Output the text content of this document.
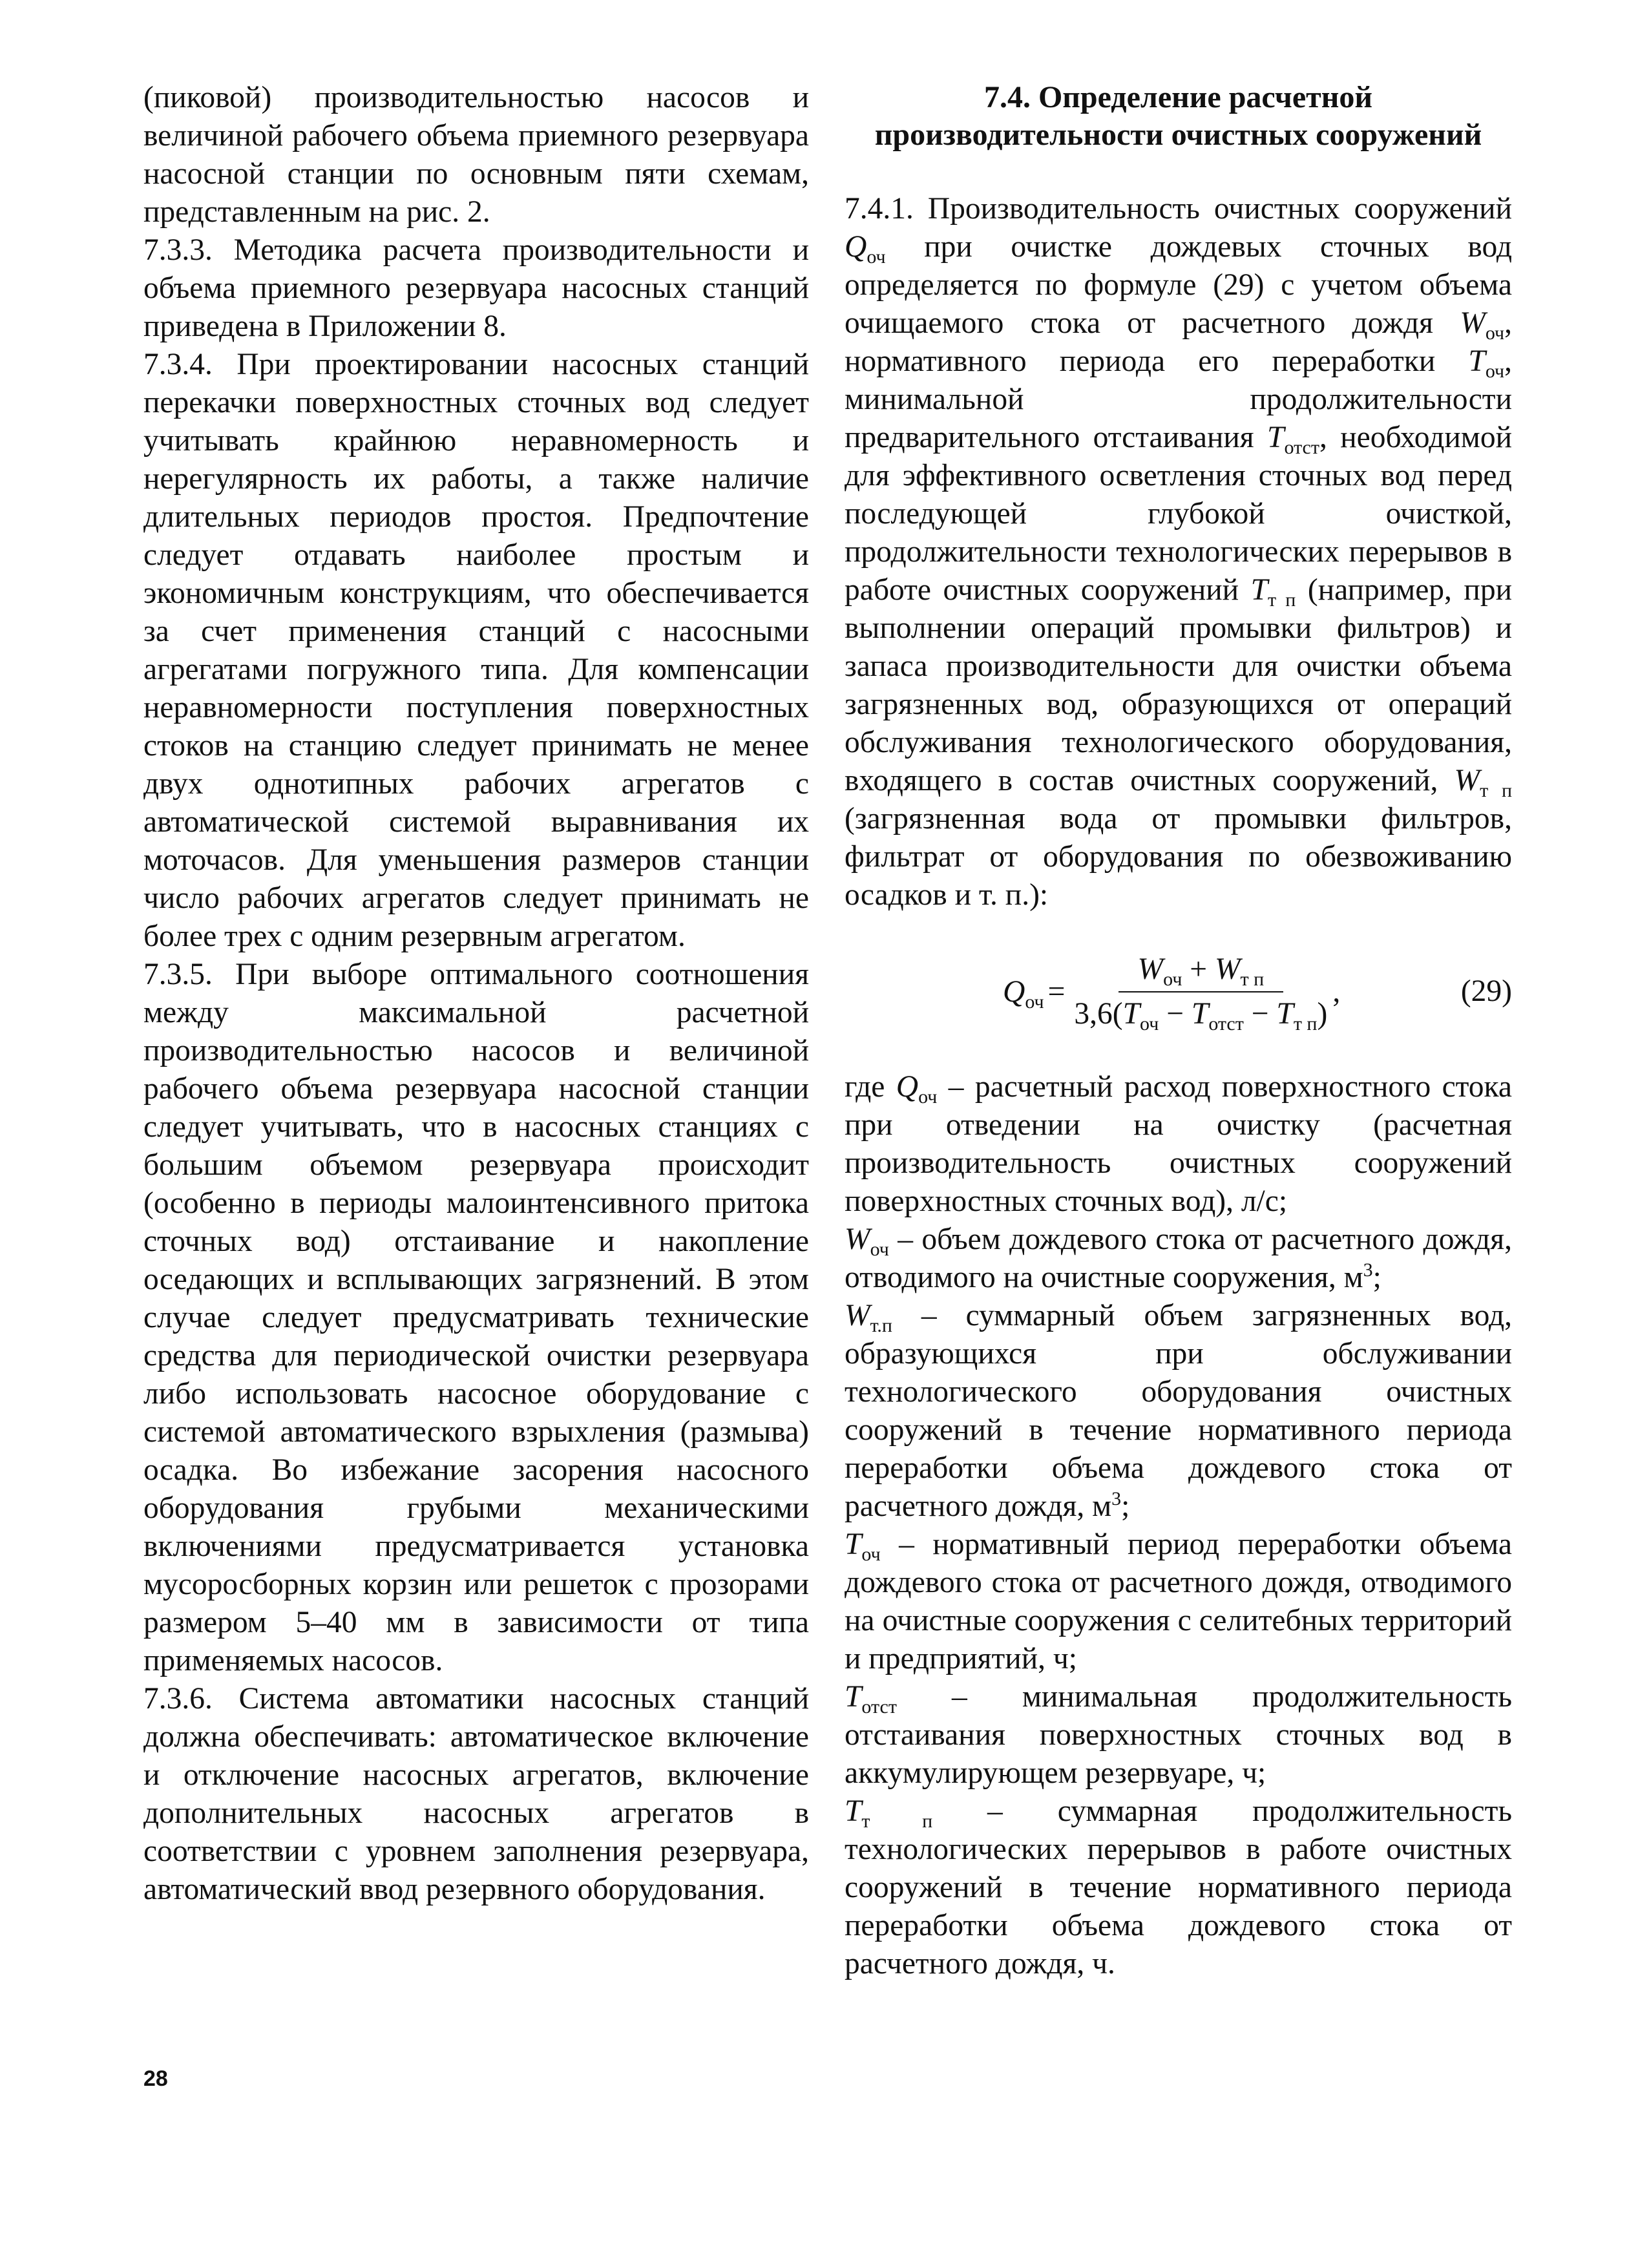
(пиковой) производительностью насосов и величиной рабочего объема приемного резервуара насосной станции по основным пяти схемам, представленным на рис. 2.

7.3.3. Методика расчета производительности и объема приемного резервуара насосных станций приведена в Приложении 8.

7.3.4. При проектировании насосных станций перекачки поверхностных сточных вод следует учитывать крайнюю неравномерность и нерегулярность их работы, а также наличие длительных периодов простоя. Предпочтение следует отдавать наиболее простым и экономичным конструкциям, что обеспечивается за счет применения станций с насосными агрегатами погружного типа. Для компенсации неравномерности поступления поверхностных стоков на станцию следует принимать не менее двух однотипных рабочих агрегатов с автоматической системой выравнивания их моточасов. Для уменьшения размеров станции число рабочих агрегатов следует принимать не более трех с одним резервным агрегатом.

7.3.5. При выборе оптимального соотношения между максимальной расчетной производительностью насосов и величиной рабочего объема резервуара насосной станции следует учитывать, что в насосных станциях с большим объемом резервуара происходит (особенно в периоды малоинтенсивного притока сточных вод) отстаивание и накопление оседающих и всплывающих загрязнений. В этом случае следует предусматривать технические средства для периодической очистки резервуара либо использовать насосное оборудование с системой автоматического взрыхления (размыва) осадка. Во избежание засорения насосного оборудования грубыми механическими включениями предусматривается установка мусоросборных корзин или решеток с прозорами размером 5–40 мм в зависимости от типа применяемых насосов.

7.3.6. Система автоматики насосных станций должна обеспечивать: автоматическое включение и отключение насосных агрегатов, включение дополнительных насосных агрегатов в соответствии с уровнем заполнения резервуара, автоматический ввод резервного оборудования.

7.4. Определение расчетной производительности очистных сооружений

7.4.1. Производительность очистных сооружений $Q_{оч}$ при очистке дождевых сточных вод определяется по формуле (29) с учетом объема очищаемого стока от расчетного дождя $W_{оч}$, нормативного периода его переработки $T_{оч}$, минимальной продолжительности предварительного отстаивания $T_{отст}$, необходимой для эффективного осветления сточных вод перед последующей глубокой очисткой, продолжительности технологических перерывов в работе очистных сооружений $T_{т п}$ (например, при выполнении операций промывки фильтров) и запаса производительности для очистки объема загрязненных вод, образующихся от операций обслуживания технологического оборудования, входящего в состав очистных сооружений, $W_{т п}$ (загрязненная вода от промывки фильтров, фильтрат от оборудования по обезвоживанию осадков и т. п.):

$Q_{оч} = \frac{W_{оч} + W_{т п}}{3,6(T_{оч} - T_{отст} - T_{т п})}$ ,	(29)

где $Q_{оч}$ – расчетный расход поверхностного стока при отведении на очистку (расчетная производительность очистных сооружений поверхностных сточных вод), л/с;

$W_{оч}$ – объем дождевого стока от расчетного дождя, отводимого на очистные сооружения, $м^3$;

$W_{т.п}$ – суммарный объем загрязненных вод, образующихся при обслуживании технологического оборудования очистных сооружений в течение нормативного периода переработки объема дождевого стока от расчетного дождя, $м^3$;

$T_{оч}$ – нормативный период переработки объема дождевого стока от расчетного дождя, отводимого на очистные сооружения с селитебных территорий и предприятий, ч;

$T_{отст}$ – минимальная продолжительность отстаивания поверхностных сточных вод в аккумулирующем резервуаре, ч;

$T_{т п}$ – суммарная продолжительность технологических перерывов в работе очистных сооружений в течение нормативного периода переработки объема дождевого стока от расчетного дождя, ч.

28
